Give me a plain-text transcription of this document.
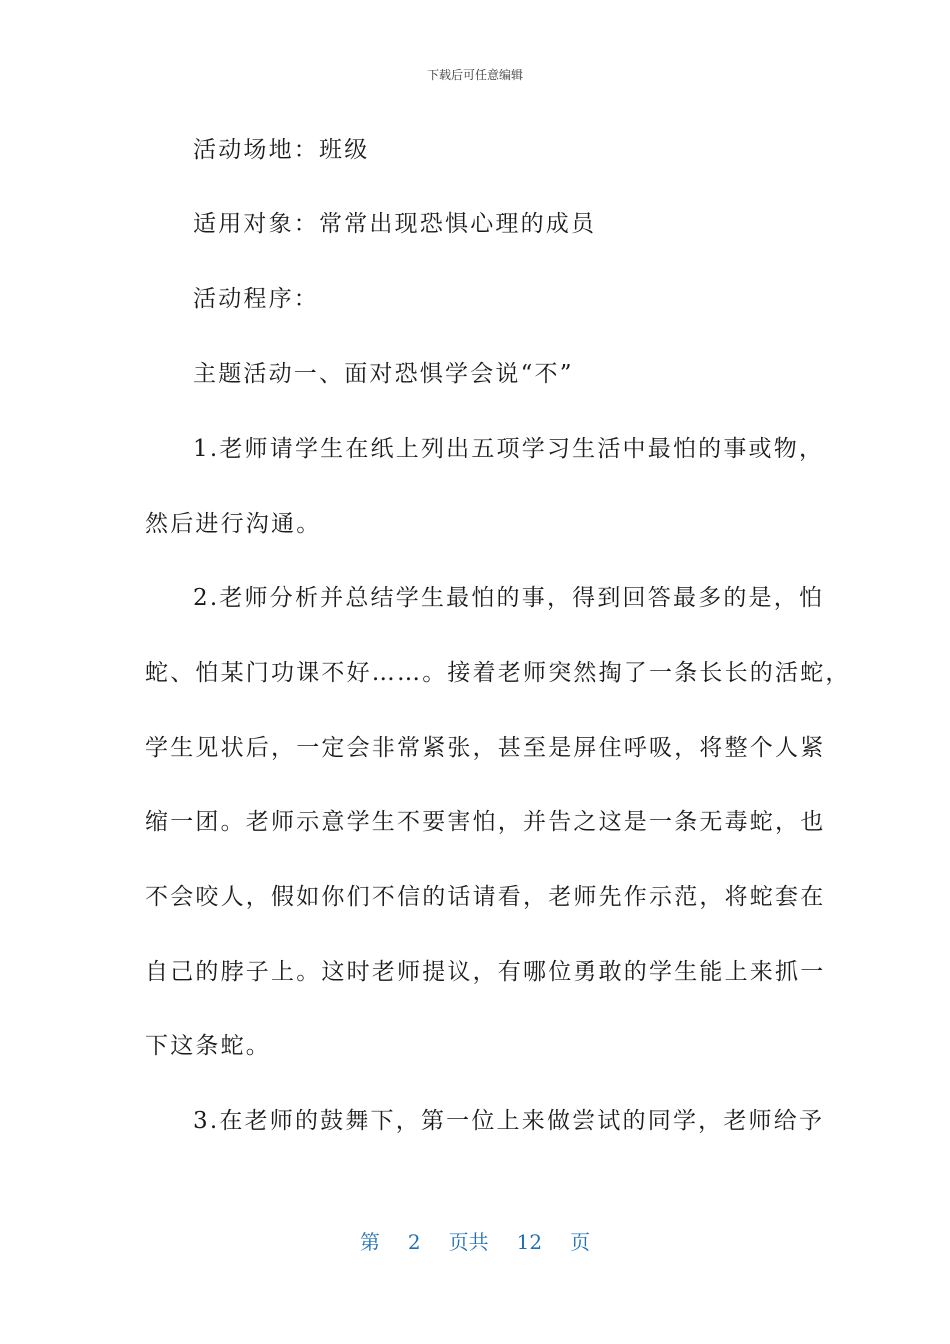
下载后可任意编辑
活动场地：班级
适用对象：常常出现恐惧心理的成员
活动程序：
主题活动一、面对恐惧学会说“不”
1.老师请学生在纸上列出五项学习生活中最怕的事或物，
然后进行沟通。
2.老师分析并总结学生最怕的事，得到回答最多的是，怕
蛇、怕某门功课不好……。接着老师突然掏了一条长长的活蛇，
学生见状后，一定会非常紧张，甚至是屏住呼吸，将整个人紧
缩一团。老师示意学生不要害怕，并告之这是一条无毒蛇，也
不会咬人，假如你们不信的话请看，老师先作示范，将蛇套在
自己的脖子上。这时老师提议，有哪位勇敢的学生能上来抓一
下这条蛇。
3.在老师的鼓舞下，第一位上来做尝试的同学，老师给予
第 2 页共 12 页
